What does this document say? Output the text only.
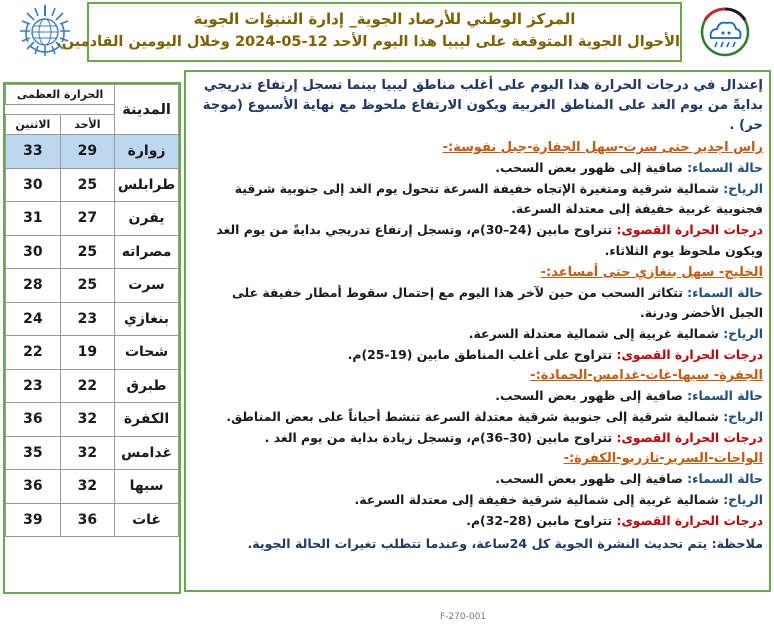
المركز الوطني للأرصاد الجوية_ إدارة التنبؤات الجوية
الأحوال الجوية المتوقعة على ليبيا هذا اليوم الأحد 12-05-2024 وخلال اليومين القادمين.
المدينة	الحرارة العظمى	

	الأحد	الاثنين
زوارة	29	33
طرابلس	25	30
يفرن	27	31
مصراته	25	30
سرت	25	28
بنغازي	23	24
شحات	19	22
طبرق	22	23
الكفرة	32	36
غدامس	32	35
سبها	32	36
غات	36	39
إعتدال في درجات الحرارة هذا اليوم على أغلب مناطق ليبيا بينما تسجل إرتفاع تدريجي بدايةً من يوم الغد على المناطق الغربية ويكون الارتفاع ملحوظ مع نهاية الأسبوع (موجة حر) .
راس اجدير حتى سرت-سهل الجفارة-جبل نفوسة:-
حالة السماء: صافية إلى ظهور بعض السحب.
الرياح: شمالية شرقية ومتغيرة الإتجاه خفيفة السرعة تتحول يوم الغد إلى جنوبية شرقية فجنوبية غربية خفيفة إلى معتدلة السرعة.
درجات الحرارة القصوى: تتراوح مابين (24–30)م، وتسجل إرتفاع تدريجي بدايةً من يوم الغد ويكون ملحوظ يوم الثلاثاء.
الخليج- سهل بنغازي حتى أمساعد:-
حالة السماء: تتكاثر السحب من حين لآخر هذا اليوم مع إحتمال سقوط أمطار خفيفة على الجبل الأخضر ودرنة.
الرياح: شمالية غربية إلى شمالية معتدلة السرعة.
درجات الحرارة القصوى: تتراوح على أغلب المناطق مابين (19-25)م.
الجفرة- سبها-غات-غدامس-الحمادة:-
حالة السماء: صافية إلى ظهور بعض السحب.
الرياح: شمالية شرقية إلى جنوبية شرقية معتدلة السرعة تنشط أحياناً على بعض المناطق.
درجات الحرارة القصوى: تتراوح مابين (30–36)م، وتسجل زيادة بداية من يوم الغد .
الواحات-السرير-تازربو-الكفرة:-
حالة السماء: صافية إلى ظهور بعض السحب.
الرياح: شمالية غربية إلى شمالية شرقية خفيفة إلى معتدلة السرعة.
درجات الحرارة القصوى: تتراوح مابين (28–32)م.
ملاحظة: يتم تحديث النشرة الجوية كل 24ساعة، وعندما تتطلب تغيرات الحالة الجوية.
F-270-001
